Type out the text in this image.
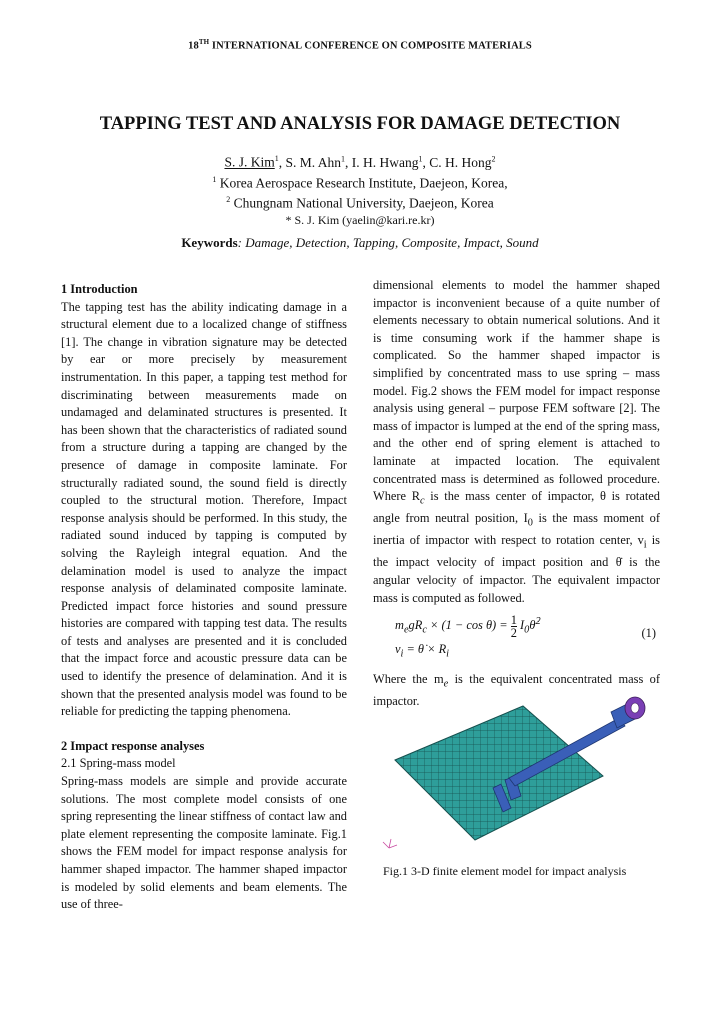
18TH INTERNATIONAL CONFERENCE ON COMPOSITE MATERIALS
TAPPING TEST AND ANALYSIS FOR DAMAGE DETECTION
S. J. Kim$^1$, S. M. Ahn$^1$, I. H. Hwang$^1$, C. H. Hong$^2$
$^1$ Korea Aerospace Research Institute, Daejeon, Korea,
$^2$ Chungnam National University, Daejeon, Korea
* S. J. Kim (yaelin@kari.re.kr)
Keywords: Damage, Detection, Tapping, Composite, Impact, Sound
1 Introduction
The tapping test has the ability indicating damage in a structural element due to a localized change of stiffness [1]. The change in vibration signature may be detected by ear or more precisely by measurement instrumentation. In this paper, a tapping test method for discriminating between measurements made on undamaged and delaminated structures is presented. It has been shown that the characteristics of radiated sound from a structure during a tapping are changed by the presence of damage in composite laminate. For structurally radiated sound, the sound field is directly coupled to the structural motion. Therefore, Impact response analysis should be performed. In this study, the radiated sound induced by tapping is computed by solving the Rayleigh integral equation. And the delamination model is used to analyze the impact response analysis of delaminated composite laminate. Predicted impact force histories and sound pressure histories are compared with tapping test data. The results of tests and analyses are presented and it is concluded that the impact force and acoustic pressure data can be used to identify the presence of delamination. And it is shown that the presented analysis model was found to be reliable for predicting the tapping phenomena.
2 Impact response analyses
2.1 Spring-mass model
Spring-mass models are simple and provide accurate solutions. The most complete model consists of one spring representing the linear stiffness of contact law and plate element representing the composite laminate. Fig.1 shows the FEM model for impact response analysis for hammer shaped impactor. The hammer shaped impactor is modeled by solid elements and beam elements. The use of three-
dimensional elements to model the hammer shaped impactor is inconvenient because of a quite number of elements necessary to obtain numerical solutions. And it is time consuming work if the hammer shape is complicated. So the hammer shaped impactor is simplified by concentrated mass to use spring – mass model. Fig.2 shows the FEM model for impact response analysis using general – purpose FEM software [2]. The mass of impactor is lumped at the end of the spring mass, and the other end of spring element is attached to laminate at impacted location. The equivalent concentrated mass is determined as followed procedure. Where $R_c$ is the mass center of impactor, θ is rotated angle from neutral position, $I_0$ is the mass moment of inertia of impactor with respect to rotation center, $v_i$ is the impact velocity of impact position and θ̇ is the angular velocity of impactor. The equivalent impactor mass is computed as followed.
$m_egR_c \times (1 - \cos \theta) = \frac{1}{2}$ $I_0\thetȧ^2$
$v_i$ = θ̇ × $R_i$
(1)
Where the $m_e$ is the equivalent concentrated mass of impactor.
Fig.1 3-D finite element model for impact analysis
